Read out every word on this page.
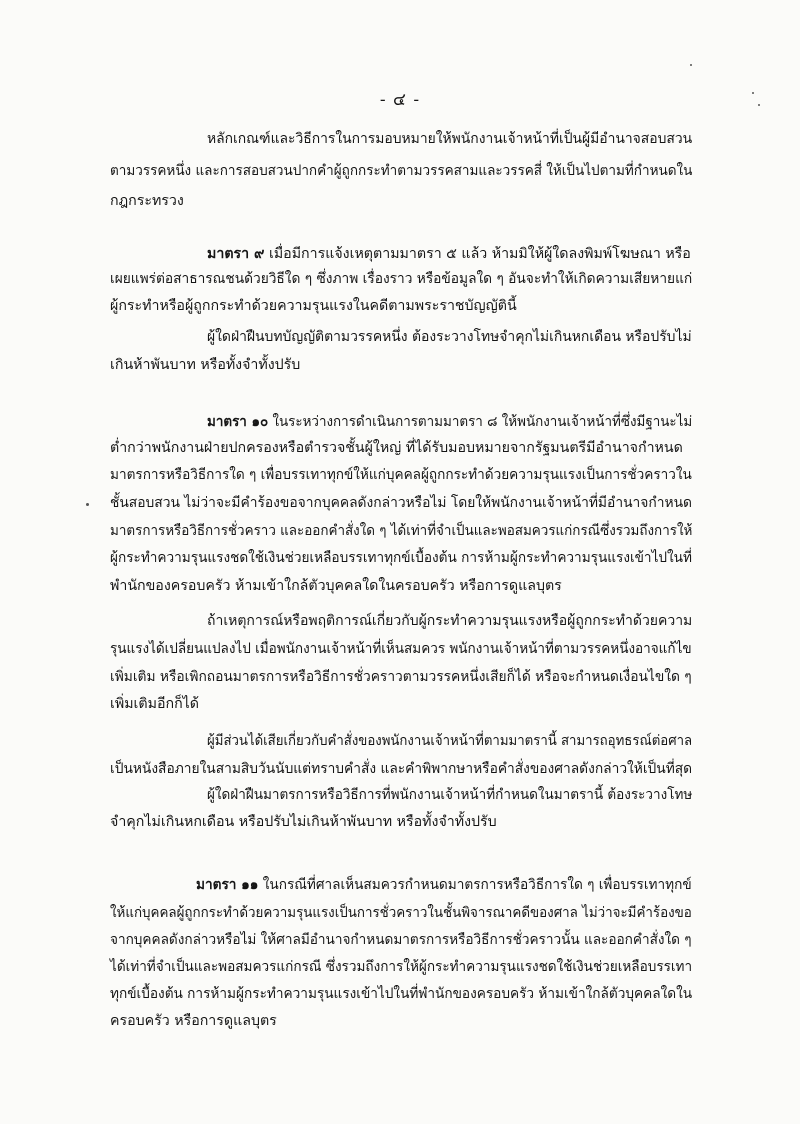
- ๔ -
หลักเกณฑ์และวิธีการในการมอบหมายให้พนักงานเจ้าหน้าที่เป็นผู้มีอำนาจสอบสวน
ตามวรรคหนึ่ง และการสอบสวนปากคำผู้ถูกกระทำตามวรรคสามและวรรคสี่ ให้เป็นไปตามที่กำหนดใน
กฎกระทรวง
มาตรา ๙ เมื่อมีการแจ้งเหตุตามมาตรา ๕ แล้ว ห้ามมิให้ผู้ใดลงพิมพ์โฆษณา หรือ
เผยแพร่ต่อสาธารณชนด้วยวิธีใด ๆ ซึ่งภาพ เรื่องราว หรือข้อมูลใด ๆ อันจะทำให้เกิดความเสียหายแก่
ผู้กระทำหรือผู้ถูกกระทำด้วยความรุนแรงในคดีตามพระราชบัญญัตินี้
ผู้ใดฝ่าฝืนบทบัญญัติตามวรรคหนึ่ง ต้องระวางโทษจำคุกไม่เกินหกเดือน หรือปรับไม่
เกินห้าพันบาท หรือทั้งจำทั้งปรับ
มาตรา ๑๐ ในระหว่างการดำเนินการตามมาตรา ๘ ให้พนักงานเจ้าหน้าที่ซึ่งมีฐานะไม่
ต่ำกว่าพนักงานฝ่ายปกครองหรือตำรวจชั้นผู้ใหญ่ ที่ได้รับมอบหมายจากรัฐมนตรีมีอำนาจกำหนด
มาตรการหรือวิธีการใด ๆ เพื่อบรรเทาทุกข์ให้แก่บุคคลผู้ถูกกระทำด้วยความรุนแรงเป็นการชั่วคราวใน
ชั้นสอบสวน ไม่ว่าจะมีคำร้องขอจากบุคคลดังกล่าวหรือไม่ โดยให้พนักงานเจ้าหน้าที่มีอำนาจกำหนด
มาตรการหรือวิธีการชั่วคราว และออกคำสั่งใด ๆ ได้เท่าที่จำเป็นและพอสมควรแก่กรณีซึ่งรวมถึงการให้
ผู้กระทำความรุนแรงชดใช้เงินช่วยเหลือบรรเทาทุกข์เบื้องต้น การห้ามผู้กระทำความรุนแรงเข้าไปในที่
พำนักของครอบครัว ห้ามเข้าใกล้ตัวบุคคลใดในครอบครัว หรือการดูแลบุตร
ถ้าเหตุการณ์หรือพฤติการณ์เกี่ยวกับผู้กระทำความรุนแรงหรือผู้ถูกกระทำด้วยความ
รุนแรงได้เปลี่ยนแปลงไป เมื่อพนักงานเจ้าหน้าที่เห็นสมควร พนักงานเจ้าหน้าที่ตามวรรคหนึ่งอาจแก้ไข
เพิ่มเติม หรือเพิกถอนมาตรการหรือวิธีการชั่วคราวตามวรรคหนึ่งเสียก็ได้ หรือจะกำหนดเงื่อนไขใด ๆ
เพิ่มเติมอีกก็ได้
ผู้มีส่วนได้เสียเกี่ยวกับคำสั่งของพนักงานเจ้าหน้าที่ตามมาตรานี้ สามารถอุทธรณ์ต่อศาล
เป็นหนังสือภายในสามสิบวันนับแต่ทราบคำสั่ง และคำพิพากษาหรือคำสั่งของศาลดังกล่าวให้เป็นที่สุด
ผู้ใดฝ่าฝืนมาตรการหรือวิธีการที่พนักงานเจ้าหน้าที่กำหนดในมาตรานี้ ต้องระวางโทษ
จำคุกไม่เกินหกเดือน หรือปรับไม่เกินห้าพันบาท หรือทั้งจำทั้งปรับ
มาตรา ๑๑ ในกรณีที่ศาลเห็นสมควรกำหนดมาตรการหรือวิธีการใด ๆ เพื่อบรรเทาทุกข์
ให้แก่บุคคลผู้ถูกกระทำด้วยความรุนแรงเป็นการชั่วคราวในชั้นพิจารณาคดีของศาล ไม่ว่าจะมีคำร้องขอ
จากบุคคลดังกล่าวหรือไม่ ให้ศาลมีอำนาจกำหนดมาตรการหรือวิธีการชั่วคราวนั้น และออกคำสั่งใด ๆ
ได้เท่าที่จำเป็นและพอสมควรแก่กรณี ซึ่งรวมถึงการให้ผู้กระทำความรุนแรงชดใช้เงินช่วยเหลือบรรเทา
ทุกข์เบื้องต้น การห้ามผู้กระทำความรุนแรงเข้าไปในที่พำนักของครอบครัว ห้ามเข้าใกล้ตัวบุคคลใดใน
ครอบครัว หรือการดูแลบุตร
